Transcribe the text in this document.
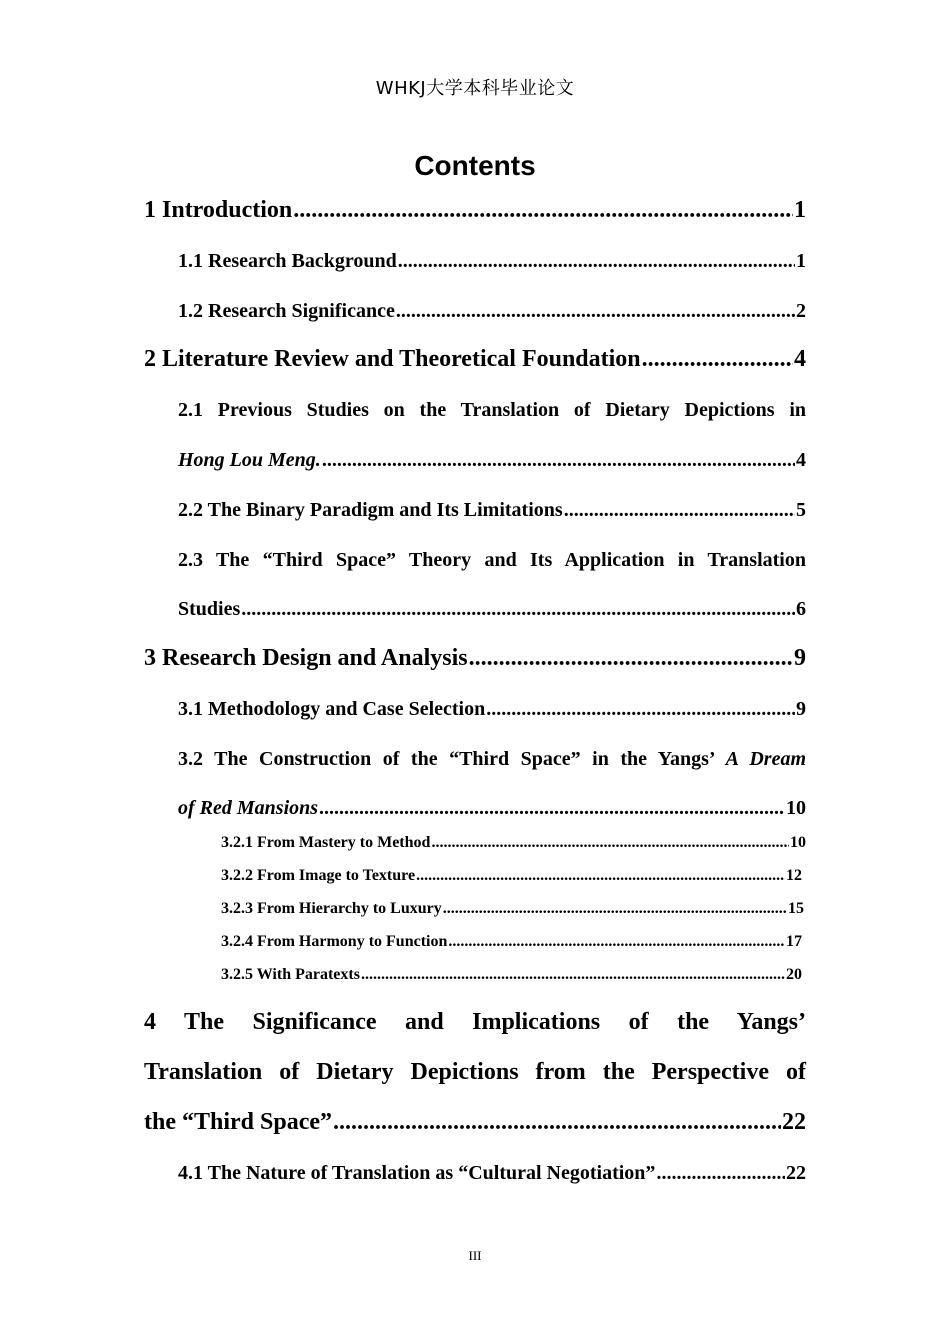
WHKJ大学本科毕业论文
Contents
1 Introduction .....	1
1.1 Research Background .....	1
1.2 Research Significance .....	2
2 Literature Review and Theoretical Foundation .....	4
2.1 Previous Studies on the Translation of Dietary Depictions in
Hong Lou Meng. .....	4
2.2 The Binary Paradigm and Its Limitations .....	5
2.3 The “Third Space” Theory and Its Application in Translation
Studies .....	6
3 Research Design and Analysis .....	9
3.1 Methodology and Case Selection .....	9
3.2 The Construction of the “Third Space” in the Yangs’ A Dream
of Red Mansions .....	10
3.2.1 From Mastery to Method .....	10
3.2.2 From Image to Texture .....	12
3.2.3 From Hierarchy to Luxury .....	15
3.2.4 From Harmony to Function .....	17
3.2.5 With Paratexts .....	20
4 The Significance and Implications of the Yangs’
Translation of Dietary Depictions from the Perspective of
the “Third Space” .....	22
4.1 The Nature of Translation as “Cultural Negotiation” .....	22
III
